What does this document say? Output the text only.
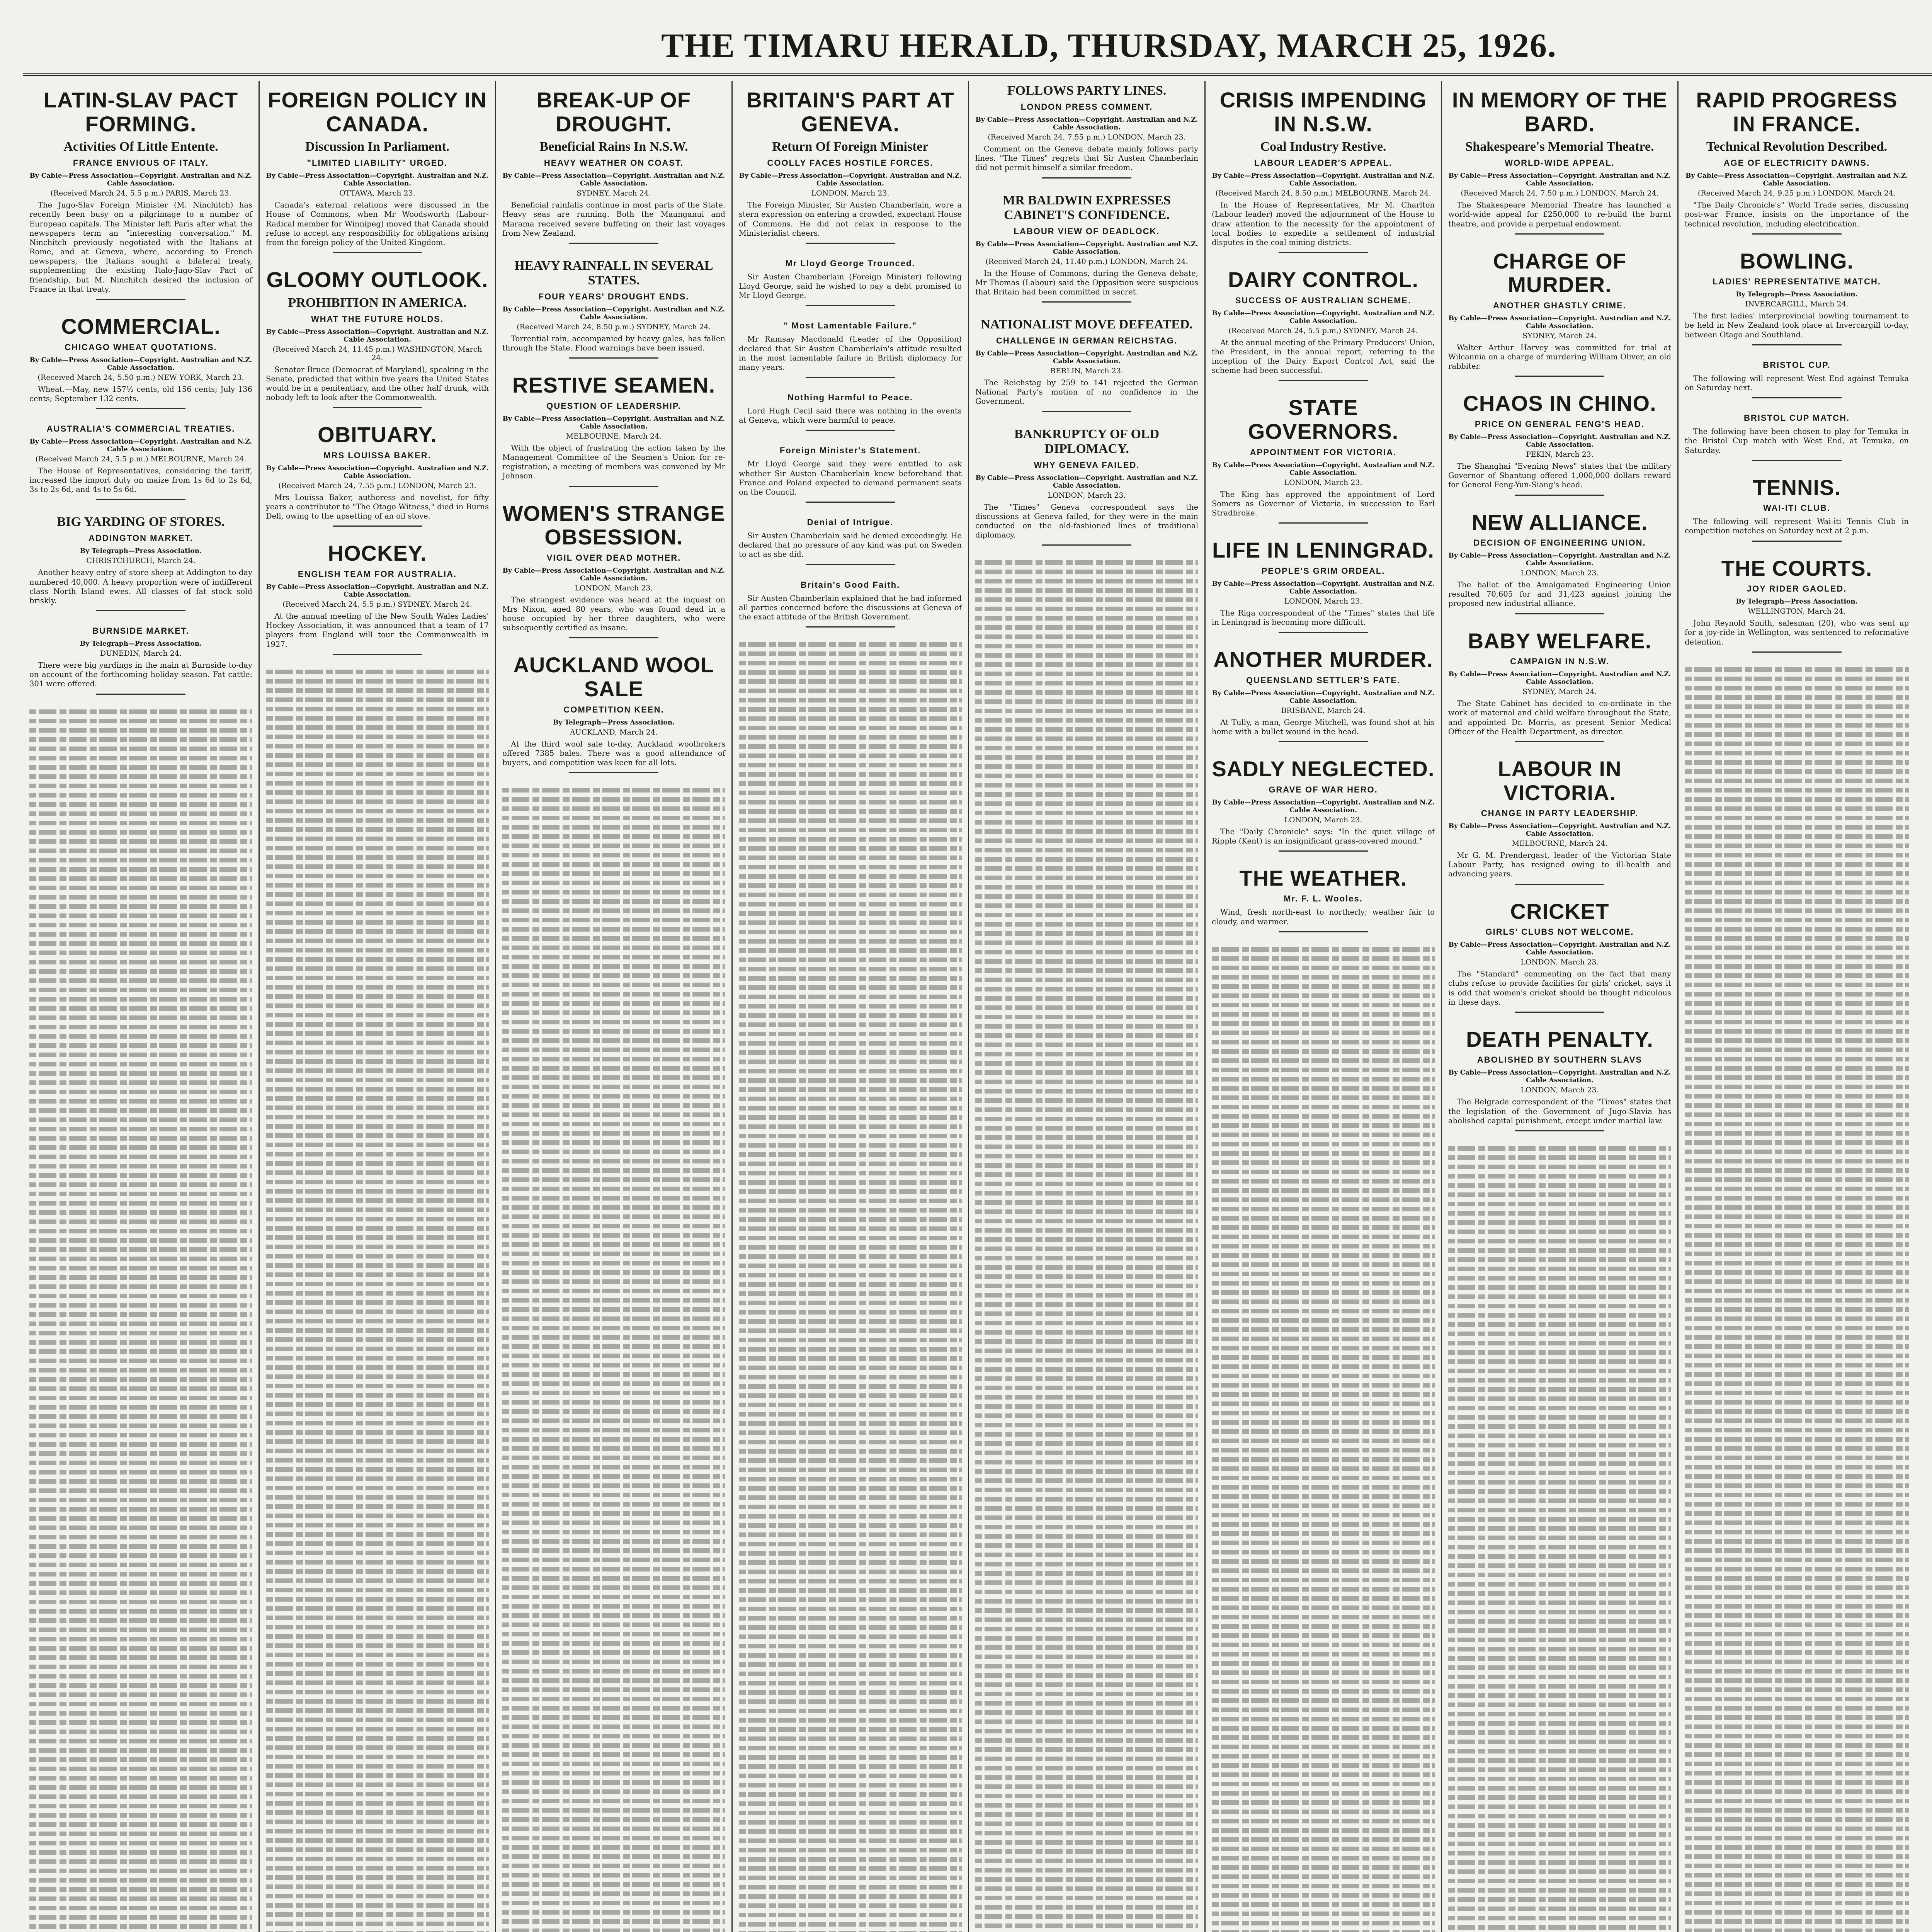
THE TIMARU HERALD, THURSDAY, MARCH 25, 1926.
LATIN-SLAV PACT FORMING.
Activities Of Little Entente.
FRANCE ENVIOUS OF ITALY.
By Cable—Press Association—Copyright. Australian and N.Z. Cable Association.
(Received March 24, 5.5 p.m.) PARIS, March 23.

The Jugo-Slav Foreign Minister (M. Ninchitch) has recently been busy on a pilgrimage to a number of European capitals. The Minister left Paris after what the newspapers term an "interesting conversation." M. Ninchitch previously negotiated with the Italians at Rome, and at Geneva, where, according to French newspapers, the Italians sought a bilateral treaty, supplementing the existing Italo-Jugo-Slav Pact of friendship, but M. Ninchitch desired the inclusion of France in that treaty.

COMMERCIAL.
CHICAGO WHEAT QUOTATIONS.
By Cable—Press Association—Copyright. Australian and N.Z. Cable Association.
(Received March 24, 5.50 p.m.) NEW YORK, March 23.

Wheat.—May, new 157½ cents, old 156 cents; July 136 cents; September 132 cents.

AUSTRALIA'S COMMERCIAL TREATIES.
By Cable—Press Association—Copyright. Australian and N.Z. Cable Association.
(Received March 24, 5.5 p.m.) MELBOURNE, March 24.

The House of Representatives, considering the tariff, increased the import duty on maize from 1s 6d to 2s 6d, 3s to 2s 6d, and 4s to 5s 6d.

BIG YARDING OF STORES.
ADDINGTON MARKET.
By Telegraph—Press Association.
CHRISTCHURCH, March 24.

Another heavy entry of store sheep at Addington to-day numbered 40,000. A heavy proportion were of indifferent class North Island ewes. All classes of fat stock sold briskly.

BURNSIDE MARKET.
By Telegraph—Press Association.
DUNEDIN, March 24.

There were big yardings in the main at Burnside to-day on account of the forthcoming holiday season. Fat cattle: 301 were offered.

FOREIGN POLICY IN CANADA.
Discussion In Parliament.
"LIMITED LIABILITY" URGED.
By Cable—Press Association—Copyright. Australian and N.Z. Cable Association.
OTTAWA, March 23.

Canada's external relations were discussed in the House of Commons, when Mr Woodsworth (Labour-Radical member for Winnipeg) moved that Canada should refuse to accept any responsibility for obligations arising from the foreign policy of the United Kingdom.

GLOOMY OUTLOOK.
PROHIBITION IN AMERICA.
WHAT THE FUTURE HOLDS.
By Cable—Press Association—Copyright. Australian and N.Z. Cable Association.
(Received March 24, 11.45 p.m.) WASHINGTON, March 24.

Senator Bruce (Democrat of Maryland), speaking in the Senate, predicted that within five years the United States would be in a penitentiary, and the other half drunk, with nobody left to look after the Commonwealth.

OBITUARY.
MRS LOUISSA BAKER.
By Cable—Press Association—Copyright. Australian and N.Z. Cable Association.
(Received March 24, 7.55 p.m.) LONDON, March 23.

Mrs Louissa Baker, authoress and novelist, for fifty years a contributor to "The Otago Witness," died in Burns Dell, owing to the upsetting of an oil stove.

HOCKEY.
ENGLISH TEAM FOR AUSTRALIA.
By Cable—Press Association—Copyright. Australian and N.Z. Cable Association.
(Received March 24, 5.5 p.m.) SYDNEY, March 24.

At the annual meeting of the New South Wales Ladies' Hockey Association, it was announced that a team of 17 players from England will tour the Commonwealth in 1927.

BREAK-UP OF DROUGHT.
Beneficial Rains In N.S.W.
HEAVY WEATHER ON COAST.
By Cable—Press Association—Copyright. Australian and N.Z. Cable Association.
SYDNEY, March 24.

Beneficial rainfalls continue in most parts of the State. Heavy seas are running. Both the Maunganui and Marama received severe buffeting on their last voyages from New Zealand.

HEAVY RAINFALL IN SEVERAL STATES.
FOUR YEARS' DROUGHT ENDS.
By Cable—Press Association—Copyright. Australian and N.Z. Cable Association.
(Received March 24, 8.50 p.m.) SYDNEY, March 24.

Torrential rain, accompanied by heavy gales, has fallen through the State. Flood warnings have been issued.

RESTIVE SEAMEN.
QUESTION OF LEADERSHIP.
By Cable—Press Association—Copyright. Australian and N.Z. Cable Association.
MELBOURNE, March 24.

With the object of frustrating the action taken by the Management Committee of the Seamen's Union for re-registration, a meeting of members was convened by Mr Johnson.

WOMEN'S STRANGE OBSESSION.
VIGIL OVER DEAD MOTHER.
By Cable—Press Association—Copyright. Australian and N.Z. Cable Association.
LONDON, March 23.

The strangest evidence was heard at the inquest on Mrs Nixon, aged 80 years, who was found dead in a house occupied by her three daughters, who were subsequently certified as insane.

AUCKLAND WOOL SALE
COMPETITION KEEN.
By Telegraph—Press Association.
AUCKLAND, March 24.

At the third wool sale to-day, Auckland woolbrokers offered 7385 bales. There was a good attendance of buyers, and competition was keen for all lots.

BRITAIN'S PART AT GENEVA.
Return Of Foreign Minister
COOLLY FACES HOSTILE FORCES.
By Cable—Press Association—Copyright. Australian and N.Z. Cable Association.
LONDON, March 23.

The Foreign Minister, Sir Austen Chamberlain, wore a stern expression on entering a crowded, expectant House of Commons. He did not relax in response to the Ministerialist cheers.

Mr Lloyd George Trounced.

Sir Austen Chamberlain (Foreign Minister) following Lloyd George, said he wished to pay a debt promised to Mr Lloyd George.

" Most Lamentable Failure."

Mr Ramsay Macdonald (Leader of the Opposition) declared that Sir Austen Chamberlain's attitude resulted in the most lamentable failure in British diplomacy for many years.

Nothing Harmful to Peace.

Lord Hugh Cecil said there was nothing in the events at Geneva, which were harmful to peace.

Foreign Minister's Statement.

Mr Lloyd George said they were entitled to ask whether Sir Austen Chamberlain knew beforehand that France and Poland expected to demand permanent seats on the Council.

Denial of Intrigue.

Sir Austen Chamberlain said he denied exceedingly. He declared that no pressure of any kind was put on Sweden to act as she did.

Britain's Good Faith.

Sir Austen Chamberlain explained that he had informed all parties concerned before the discussions at Geneva of the exact attitude of the British Government.

FOLLOWS PARTY LINES.
LONDON PRESS COMMENT.
By Cable—Press Association—Copyright. Australian and N.Z. Cable Association.
(Received March 24, 7.55 p.m.) LONDON, March 23.

Comment on the Geneva debate mainly follows party lines. "The Times" regrets that Sir Austen Chamberlain did not permit himself a similar freedom.

MR BALDWIN EXPRESSES CABINET'S CONFIDENCE.
LABOUR VIEW OF DEADLOCK.
By Cable—Press Association—Copyright. Australian and N.Z. Cable Association.
(Received March 24, 11.40 p.m.) LONDON, March 24.

In the House of Commons, during the Geneva debate, Mr Thomas (Labour) said the Opposition were suspicious that Britain had been committed in secret.

NATIONALIST MOVE DEFEATED.
CHALLENGE IN GERMAN REICHSTAG.
By Cable—Press Association—Copyright. Australian and N.Z. Cable Association.
BERLIN, March 23.

The Reichstag by 259 to 141 rejected the German National Party's motion of no confidence in the Government.

BANKRUPTCY OF OLD DIPLOMACY.
WHY GENEVA FAILED.
By Cable—Press Association—Copyright. Australian and N.Z. Cable Association.
LONDON, March 23.

The "Times" Geneva correspondent says the discussions at Geneva failed, for they were in the main conducted on the old-fashioned lines of traditional diplomacy.

CRISIS IMPENDING IN N.S.W.
Coal Industry Restive.
LABOUR LEADER'S APPEAL.
By Cable—Press Association—Copyright. Australian and N.Z. Cable Association.
(Received March 24, 8.50 p.m.) MELBOURNE, March 24.

In the House of Representatives, Mr M. Charlton (Labour leader) moved the adjournment of the House to draw attention to the necessity for the appointment of local bodies to expedite a settlement of industrial disputes in the coal mining districts.

DAIRY CONTROL.
SUCCESS OF AUSTRALIAN SCHEME.
By Cable—Press Association—Copyright. Australian and N.Z. Cable Association.
(Received March 24, 5.5 p.m.) SYDNEY, March 24.

At the annual meeting of the Primary Producers' Union, the President, in the annual report, referring to the inception of the Dairy Export Control Act, said the scheme had been successful.

STATE GOVERNORS.
APPOINTMENT FOR VICTORIA.
By Cable—Press Association—Copyright. Australian and N.Z. Cable Association.
LONDON, March 23.

The King has approved the appointment of Lord Somers as Governor of Victoria, in succession to Earl Stradbroke.

LIFE IN LENINGRAD.
PEOPLE'S GRIM ORDEAL.
By Cable—Press Association—Copyright. Australian and N.Z. Cable Association.
LONDON, March 23.

The Riga correspondent of the "Times" states that life in Leningrad is becoming more difficult.

ANOTHER MURDER.
QUEENSLAND SETTLER'S FATE.
By Cable—Press Association—Copyright. Australian and N.Z. Cable Association.
BRISBANE, March 24.

At Tully, a man, George Mitchell, was found shot at his home with a bullet wound in the head.

SADLY NEGLECTED.
GRAVE OF WAR HERO.
By Cable—Press Association—Copyright. Australian and N.Z. Cable Association.
LONDON, March 23.

The "Daily Chronicle" says: "In the quiet village of Ripple (Kent) is an insignificant grass-covered mound."

THE WEATHER.
Mr. F. L. Wooles.

Wind, fresh north-east to northerly; weather fair to cloudy, and warmer.

IN MEMORY OF THE BARD.
Shakespeare's Memorial Theatre.
WORLD-WIDE APPEAL.
By Cable—Press Association—Copyright. Australian and N.Z. Cable Association.
(Received March 24, 7.50 p.m.) LONDON, March 24.

The Shakespeare Memorial Theatre has launched a world-wide appeal for £250,000 to re-build the burnt theatre, and provide a perpetual endowment.

CHARGE OF MURDER.
ANOTHER GHASTLY CRIME.
By Cable—Press Association—Copyright. Australian and N.Z. Cable Association.
SYDNEY, March 24.

Walter Arthur Harvey was committed for trial at Wilcannia on a charge of murdering William Oliver, an old rabbiter.

CHAOS IN CHINO.
PRICE ON GENERAL FENG'S HEAD.
By Cable—Press Association—Copyright. Australian and N.Z. Cable Association.
PEKIN, March 23.

The Shanghai "Evening News" states that the military Governor of Shantung offered 1,000,000 dollars reward for General Feng-Yun-Siang's head.

NEW ALLIANCE.
DECISION OF ENGINEERING UNION.
By Cable—Press Association—Copyright. Australian and N.Z. Cable Association.
LONDON, March 23.

The ballot of the Amalgamated Engineering Union resulted 70,605 for and 31,423 against joining the proposed new industrial alliance.

BABY WELFARE.
CAMPAIGN IN N.S.W.
By Cable—Press Association—Copyright. Australian and N.Z. Cable Association.
SYDNEY, March 24.

The State Cabinet has decided to co-ordinate in the work of maternal and child welfare throughout the State, and appointed Dr. Morris, as present Senior Medical Officer of the Health Department, as director.

LABOUR IN VICTORIA.
CHANGE IN PARTY LEADERSHIP.
By Cable—Press Association—Copyright. Australian and N.Z. Cable Association.
MELBOURNE, March 24.

Mr G. M. Prendergast, leader of the Victorian State Labour Party, has resigned owing to ill-health and advancing years.

CRICKET
GIRLS' CLUBS NOT WELCOME.
By Cable—Press Association—Copyright. Australian and N.Z. Cable Association.
LONDON, March 23.

The "Standard" commenting on the fact that many clubs refuse to provide facilities for girls' cricket, says it is odd that women's cricket should be thought ridiculous in these days.

DEATH PENALTY.
ABOLISHED BY SOUTHERN SLAVS
By Cable—Press Association—Copyright. Australian and N.Z. Cable Association.
LONDON, March 23.

The Belgrade correspondent of the "Times" states that the legislation of the Government of Jugo-Slavia has abolished capital punishment, except under martial law.

RAPID PROGRESS IN FRANCE.
Technical Revolution Described.
AGE OF ELECTRICITY DAWNS.
By Cable—Press Association—Copyright. Australian and N.Z. Cable Association.
(Received March 24, 9.25 p.m.) LONDON, March 24.

"The Daily Chronicle's" World Trade series, discussing post-war France, insists on the importance of the technical revolution, including electrification.

BOWLING.
LADIES' REPRESENTATIVE MATCH.
By Telegraph—Press Association.
INVERCARGILL, March 24.

The first ladies' interprovincial bowling tournament to be held in New Zealand took place at Invercargill to-day, between Otago and Southland.

BRISTOL CUP.

The following will represent West End against Temuka on Saturday next.

BRISTOL CUP MATCH.

The following have been chosen to play for Temuka in the Bristol Cup match with West End, at Temuka, on Saturday.

TENNIS.
WAI-ITI CLUB.

The following will represent Wai-iti Tennis Club in competition matches on Saturday next at 2 p.m.

THE COURTS.
JOY RIDER GAOLED.
By Telegraph—Press Association.
WELLINGTON, March 24.

John Reynold Smith, salesman (20), who was sent up for a joy-ride in Wellington, was sentenced to reformative detention.
